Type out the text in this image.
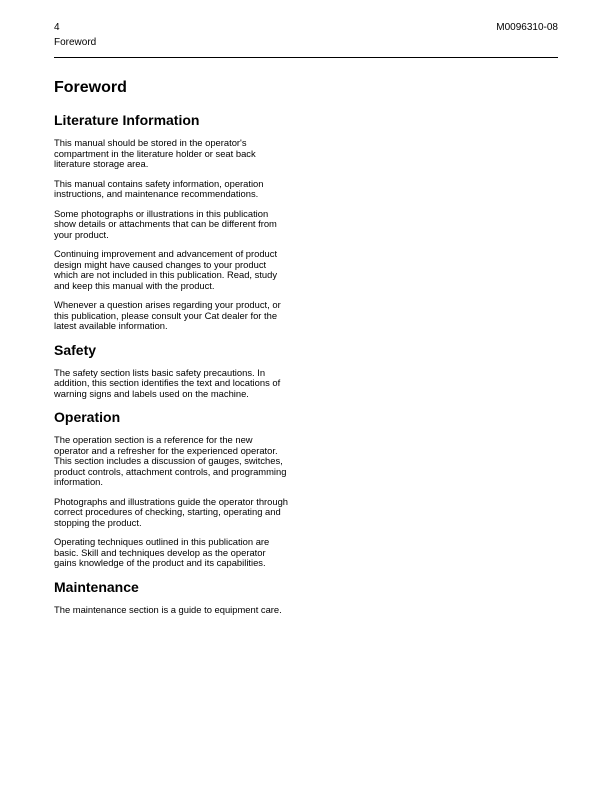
4
Foreword
M0096310-08
Foreword
Literature Information

This manual should be stored in the operator's compartment in the literature holder or seat back literature storage area.

This manual contains safety information, operation instructions, and maintenance recommendations.

Some photographs or illustrations in this publication show details or attachments that can be different from your product.

Continuing improvement and advancement of product design might have caused changes to your product which are not included in this publication. Read, study and keep this manual with the product.

Whenever a question arises regarding your product, or this publication, please consult your Cat dealer for the latest available information.

Safety

The safety section lists basic safety precautions. In addition, this section identifies the text and locations of warning signs and labels used on the machine.

Operation

The operation section is a reference for the new operator and a refresher for the experienced operator. This section includes a discussion of gauges, switches, product controls, attachment controls, and programming information.

Photographs and illustrations guide the operator through correct procedures of checking, starting, operating and stopping the product.

Operating techniques outlined in this publication are basic. Skill and techniques develop as the operator gains knowledge of the product and its capabilities.

Maintenance

The maintenance section is a guide to equipment care.
